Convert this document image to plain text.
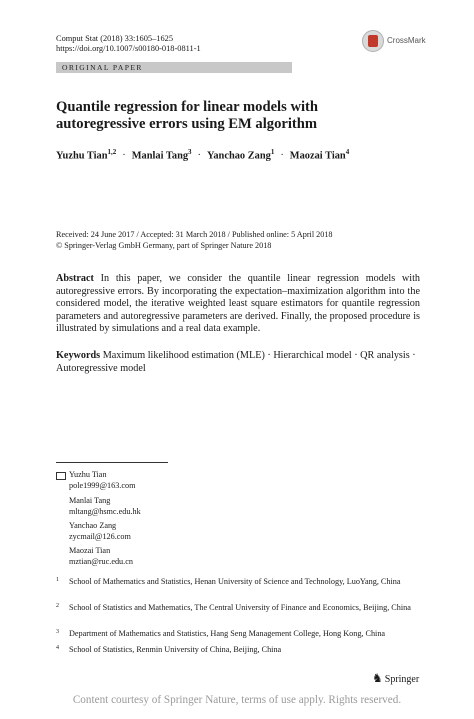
Comput Stat (2018) 33:1605–1625
https://doi.org/10.1007/s00180-018-0811-1
CrossMark
ORIGINAL PAPER
Quantile regression for linear models with
autoregressive errors using EM algorithm
Yuzhu Tian$^{1,2}$ · Manlai Tang$^3$ · Yanchao Zang$^1$ · Maozai Tian$^4$
Received: 24 June 2017 / Accepted: 31 March 2018 / Published online: 5 April 2018
© Springer-Verlag GmbH Germany, part of Springer Nature 2018
Abstract In this paper, we consider the quantile linear regression models with autoregressive errors. By incorporating the expectation–maximization algorithm into the considered model, the iterative weighted least square estimators for quantile regression parameters and autoregressive parameters are derived. Finally, the proposed procedure is illustrated by simulations and a real data example.
Keywords Maximum likelihood estimation (MLE) · Hierarchical model · QR analysis · Autoregressive model
Yuzhu Tian
pole1999@163.com
Manlai Tang
mltang@hsmc.edu.hk
Yanchao Zang
zycmail@126.com
Maozai Tian
mztian@ruc.edu.cn
1 School of Mathematics and Statistics, Henan University of Science and Technology, LuoYang, China
2 School of Statistics and Mathematics, The Central University of Finance and Economics, Beijing, China
3 Department of Mathematics and Statistics, Hang Seng Management College, Hong Kong, China
4 School of Statistics, Renmin University of China, Beijing, China
♞ Springer
Content courtesy of Springer Nature, terms of use apply. Rights reserved.
